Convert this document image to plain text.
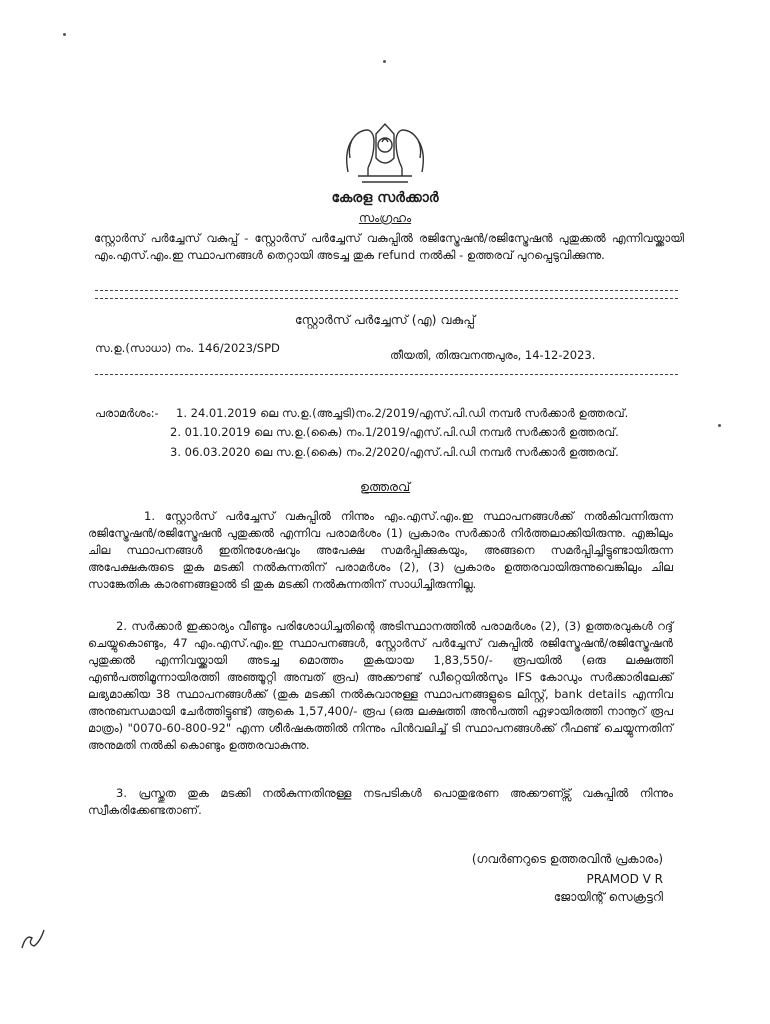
കേരള സർക്കാർ
സംഗ്രഹം
സ്റ്റോർസ് പർച്ചേസ് വകുപ്പ് - സ്റ്റോർസ് പർച്ചേസ് വകുപ്പിൽ രജിസ്ട്രേഷൻ/രജിസ്ട്രേഷൻ പുതുക്കൽ എന്നിവയ്ക്കായി എം.എസ്.എം.ഇ സ്ഥാപനങ്ങൾ തെറ്റായി അടച്ച തുക refund നൽകി - ഉത്തരവ് പുറപ്പെടുവിക്കുന്നു.
സ്റ്റോർസ് പർച്ചേസ് (എ) വകുപ്പ്
സ.ഉ.(സാധാ) നം. 146/2023/SPD	തീയതി, തിരുവനന്തപുരം, 14-12-2023.
പരാമർശം:- 1. 24.01.2019 ലെ സ.ഉ.(അച്ചടി)നം.2/2019/എസ്.പി.ഡി നമ്പർ സർക്കാർ ഉത്തരവ്.
2. 01.10.2019 ലെ സ.ഉ.(കൈ) നം.1/2019/എസ്.പി.ഡി നമ്പർ സർക്കാർ ഉത്തരവ്.
3. 06.03.2020 ലെ സ.ഉ.(കൈ) നം.2/2020/എസ്.പി.ഡി നമ്പർ സർക്കാർ ഉത്തരവ്.
ഉത്തരവ്
1. സ്റ്റോർസ് പർച്ചേസ് വകുപ്പിൽ നിന്നും എം.എസ്.എം.ഇ സ്ഥാപനങ്ങൾക്ക് നൽകിവന്നിരുന്ന രജിസ്ട്രേഷൻ/രജിസ്ട്രേഷൻ പുതുക്കൽ എന്നിവ പരാമർശം (1) പ്രകാരം സർക്കാർ നിർത്തലാക്കിയിരുന്നു. എങ്കിലും ചില സ്ഥാപനങ്ങൾ ഇതിനുശേഷവും അപേക്ഷ സമർപ്പിക്കുകയും, അങ്ങനെ സമർപ്പിച്ചിട്ടുണ്ടായിരുന്ന അപേക്ഷകരുടെ തുക മടക്കി നൽകുന്നതിന് പരാമർശം (2), (3) പ്രകാരം ഉത്തരവായിരുന്നുവെങ്കിലും ചില സാങ്കേതിക കാരണങ്ങളാൽ ടി തുക മടക്കി നൽകുന്നതിന് സാധിച്ചിരുന്നില്ല.
2. സർക്കാർ ഇക്കാര്യം വീണ്ടും പരിശോധിച്ചതിന്റെ അടിസ്ഥാനത്തിൽ പരാമർശം (2), (3) ഉത്തരവുകൾ റദ്ദ് ചെയ്യുകൊണ്ടും, 47 എം.എസ്.എം.ഇ സ്ഥാപനങ്ങൾ, സ്റ്റോർസ് പർച്ചേസ് വകുപ്പിൽ രജിസ്ട്രേഷൻ/രജിസ്ട്രേഷൻ പുതുക്കൽ എന്നിവയ്ക്കായി അടച്ച മൊത്തം തുകയായ 1,83,550/- രൂപയിൽ (ഒരു ലക്ഷത്തി എൺപത്തിമൂന്നായിരത്തി അഞ്ഞൂറ്റി അമ്പത് രൂപ) അക്കൗണ്ട് ഡീറ്റെയിൽസും IFS കോഡും സർക്കാരിലേക്ക് ലഭ്യമാക്കിയ 38 സ്ഥാപനങ്ങൾക്ക് (തുക മടക്കി നൽകുവാനുള്ള സ്ഥാപനങ്ങളുടെ ലിസ്റ്റ്, bank details എന്നിവ അനുബന്ധമായി ചേർത്തിട്ടുണ്ട്) ആകെ 1,57,400/- രൂപ (ഒരു ലക്ഷത്തി അൻപത്തി ഏഴായിരത്തി നാനൂറ് രൂപ മാത്രം) "0070-60-800-92" എന്ന ശീർഷകത്തിൽ നിന്നും പിൻവലിച്ച് ടി സ്ഥാപനങ്ങൾക്ക് റീഫണ്ട് ചെയ്യുന്നതിന് അനുമതി നൽകി കൊണ്ടും ഉത്തരവാകുന്നു.
3. പ്രസ്തുത തുക മടക്കി നൽകുന്നതിനുള്ള നടപടികൾ പൊതുഭരണ അക്കൗണ്ട്സ് വകുപ്പിൽ നിന്നും സ്വീകരിക്കേണ്ടതാണ്.
(ഗവർണറുടെ ഉത്തരവിൻ പ്രകാരം)
PRAMOD V R
ജോയിന്റ് സെക്രട്ടറി
